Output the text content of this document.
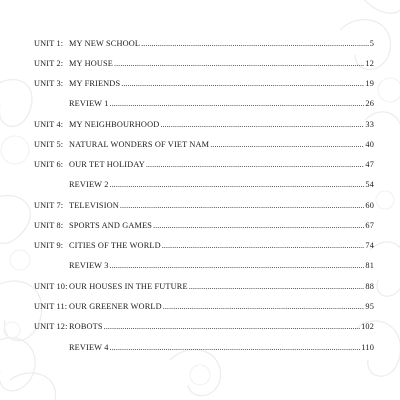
UNIT 1: MY NEW SCHOOL .....	5
UNIT 2: MY HOUSE .....	12
UNIT 3: MY FRIENDS .....	19
REVIEW 1 .....	26
UNIT 4: MY NEIGHBOURHOOD .....	33
UNIT 5: NATURAL WONDERS OF VIET NAM .....	40
UNIT 6: OUR TET HOLIDAY .....	47
REVIEW 2 .....	54
UNIT 7: TELEVISION .....	60
UNIT 8: SPORTS AND GAMES .....	67
UNIT 9: CITIES OF THE WORLD .....	74
REVIEW 3 .....	81
UNIT 10: OUR HOUSES IN THE FUTURE .....	88
UNIT 11: OUR GREENER WORLD .....	95
UNIT 12: ROBOTS .....	102
REVIEW 4 .....	110
